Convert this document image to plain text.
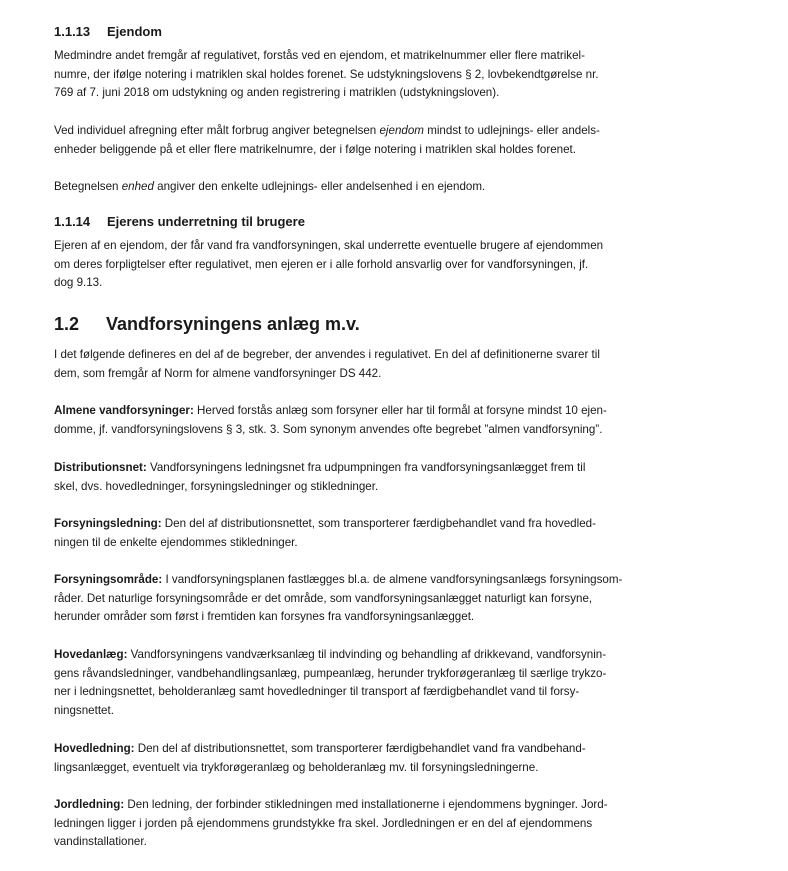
1.1.13 Ejendom
Medmindre andet fremgår af regulativet, forstås ved en ejendom, et matrikelnummer eller flere matrikel-
numre, der ifølge notering i matriklen skal holdes forenet. Se udstykningslovens § 2, lovbekendtgørelse nr.
769 af 7. juni 2018 om udstykning og anden registrering i matriklen (udstykningsloven).
Ved individuel afregning efter målt forbrug angiver betegnelsen ejendom mindst to udlejnings- eller andels-
enheder beliggende på et eller flere matrikelnumre, der i følge notering i matriklen skal holdes forenet.
Betegnelsen enhed angiver den enkelte udlejnings- eller andelsenhed i en ejendom.
1.1.14 Ejerens underretning til brugere
Ejeren af en ejendom, der får vand fra vandforsyningen, skal underrette eventuelle brugere af ejendommen
om deres forpligtelser efter regulativet, men ejeren er i alle forhold ansvarlig over for vandforsyningen, jf.
dog 9.13.
1.2 Vandforsyningens anlæg m.v.
I det følgende defineres en del af de begreber, der anvendes i regulativet. En del af definitionerne svarer til
dem, som fremgår af Norm for almene vandforsyninger DS 442.
Almene vandforsyninger: Herved forstås anlæg som forsyner eller har til formål at forsyne mindst 10 ejen-
domme, jf. vandforsyningslovens § 3, stk. 3. Som synonym anvendes ofte begrebet ”almen vandforsyning”.
Distributionsnet: Vandforsyningens ledningsnet fra udpumpningen fra vandforsyningsanlægget frem til
skel, dvs. hovedledninger, forsyningsledninger og stikledninger.
Forsyningsledning: Den del af distributionsnettet, som transporterer færdigbehandlet vand fra hovedled-
ningen til de enkelte ejendommes stikledninger.
Forsyningsområde: I vandforsyningsplanen fastlægges bl.a. de almene vandforsyningsanlægs forsyningsom-
råder. Det naturlige forsyningsområde er det område, som vandforsyningsanlægget naturligt kan forsyne,
herunder områder som først i fremtiden kan forsynes fra vandforsyningsanlægget.
Hovedanlæg: Vandforsyningens vandværksanlæg til indvinding og behandling af drikkevand, vandforsynin-
gens råvandsledninger, vandbehandlingsanlæg, pumpeanlæg, herunder trykforøgeranlæg til særlige trykzo-
ner i ledningsnettet, beholderanlæg samt hovedledninger til transport af færdigbehandlet vand til forsy-
ningsnettet.
Hovedledning: Den del af distributionsnettet, som transporterer færdigbehandlet vand fra vandbehand-
lingsanlægget, eventuelt via trykforøgeranlæg og beholderanlæg mv. til forsyningsledningerne.
Jordledning: Den ledning, der forbinder stikledningen med installationerne i ejendommens bygninger. Jord-
ledningen ligger i jorden på ejendommens grundstykke fra skel. Jordledningen er en del af ejendommens
vandinstallationer.
